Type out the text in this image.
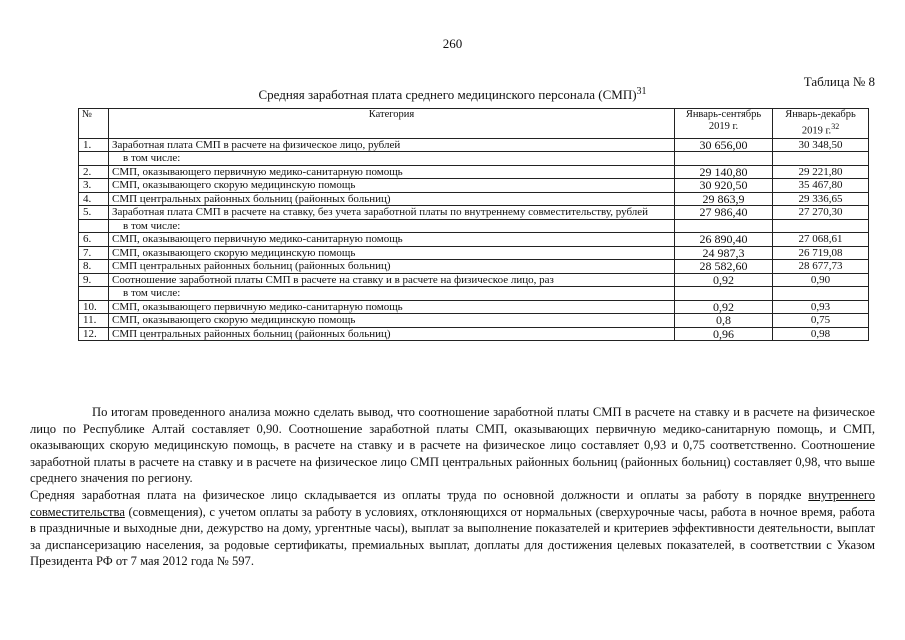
260
Таблица № 8
Средняя заработная плата среднего медицинского персонала (СМП)$^{31}$
№	Категория	Январь-сентябрь 2019 г.	Январь-декабрь 2019 г.$^{32}$
1.	Заработная плата СМП в расчете на физическое лицо, рублей	30 656,00	30 348,50
	в том числе:		
2.	СМП, оказывающего первичную медико-санитарную помощь	29 140,80	29 221,80
3.	СМП, оказывающего скорую медицинскую помощь	30 920,50	35 467,80
4.	СМП центральных районных больниц (районных больниц)	29 863,9	29 336,65
5.	Заработная плата СМП в расчете на ставку, без учета заработной платы по внутреннему совместительству, рублей	27 986,40	27 270,30
	в том числе:		
6.	СМП, оказывающего первичную медико-санитарную помощь	26 890,40	27 068,61
7.	СМП, оказывающего скорую медицинскую помощь	24 987,3	26 719,08
8.	СМП центральных районных больниц (районных больниц)	28 582,60	28 677,73
9.	Соотношение заработной платы СМП в расчете на ставку и в расчете на физическое лицо, раз	0,92	0,90
	в том числе:		
10.	СМП, оказывающего первичную медико-санитарную помощь	0,92	0,93
11.	СМП, оказывающего скорую медицинскую помощь	0,8	0,75
12.	СМП центральных районных больниц (районных больниц)	0,96	0,98

По итогам проведенного анализа можно сделать вывод, что соотношение заработной платы СМП в расчете на ставку и в расчете на физическое лицо по Республике Алтай составляет 0,90. Соотношение заработной платы СМП, оказывающих первичную медико-санитарную помощь, и СМП, оказывающих скорую медицинскую помощь, в расчете на ставку и в расчете на физическое лицо составляет 0,93 и 0,75 соответственно. Соотношение заработной платы в расчете на ставку и в расчете на физическое лицо СМП центральных районных больниц (районных больниц) составляет 0,98, что выше среднего значения по региону.

Средняя заработная плата на физическое лицо складывается из оплаты труда по основной должности и оплаты за работу в порядке внутреннего совместительства (совмещения), с учетом оплаты за работу в условиях, отклоняющихся от нормальных (сверхурочные часы, работа в ночное время, работа в праздничные и выходные дни, дежурство на дому, ургентные часы), выплат за выполнение показателей и критериев эффективности деятельности, выплат за диспансеризацию населения, за родовые сертификаты, премиальных выплат, доплаты для достижения целевых показателей, в соответствии с Указом Президента РФ от 7 мая 2012 года № 597.
